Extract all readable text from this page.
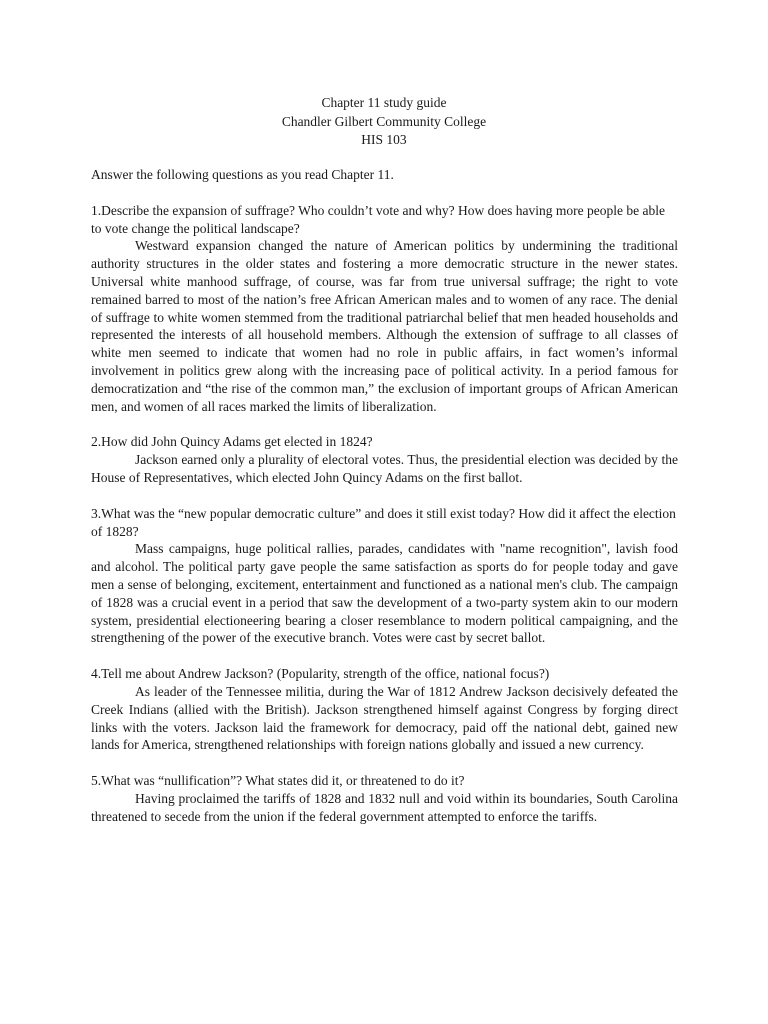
Chapter 11 study guide
Chandler Gilbert Community College
HIS 103

Answer the following questions as you read Chapter 11.

1.Describe the expansion of suffrage? Who couldn’t vote and why? How does having more people be able to vote change the political landscape?

Westward expansion changed the nature of American politics by undermining the traditional authority structures in the older states and fostering a more democratic structure in the newer states. Universal white manhood suffrage, of course, was far from true universal suffrage; the right to vote remained barred to most of the nation’s free African American males and to women of any race. The denial of suffrage to white women stemmed from the traditional patriarchal belief that men headed households and represented the interests of all household members. Although the extension of suffrage to all classes of white men seemed to indicate that women had no role in public affairs, in fact women’s informal involvement in politics grew along with the increasing pace of political activity. In a period famous for democratization and “the rise of the common man,” the exclusion of important groups of African American men, and women of all races marked the limits of liberalization.

2.How did John Quincy Adams get elected in 1824?

Jackson earned only a plurality of electoral votes. Thus, the presidential election was decided by the House of Representatives, which elected John Quincy Adams on the first ballot.

3.What was the “new popular democratic culture” and does it still exist today? How did it affect the election of 1828?

Mass campaigns, huge political rallies, parades, candidates with "name recognition", lavish food and alcohol. The political party gave people the same satisfaction as sports do for people today and gave men a sense of belonging, excitement, entertainment and functioned as a national men's club. The campaign of 1828 was a crucial event in a period that saw the development of a two-party system akin to our modern system, presidential electioneering bearing a closer resemblance to modern political campaigning, and the strengthening of the power of the executive branch. Votes were cast by secret ballot.

4.Tell me about Andrew Jackson? (Popularity, strength of the office, national focus?)

As leader of the Tennessee militia, during the War of 1812 Andrew Jackson decisively defeated the Creek Indians (allied with the British). Jackson strengthened himself against Congress by forging direct links with the voters. Jackson laid the framework for democracy, paid off the national debt, gained new lands for America, strengthened relationships with foreign nations globally and issued a new currency.

5.What was “nullification”? What states did it, or threatened to do it?

Having proclaimed the tariffs of 1828 and 1832 null and void within its boundaries, South Carolina threatened to secede from the union if the federal government attempted to enforce the tariffs.
